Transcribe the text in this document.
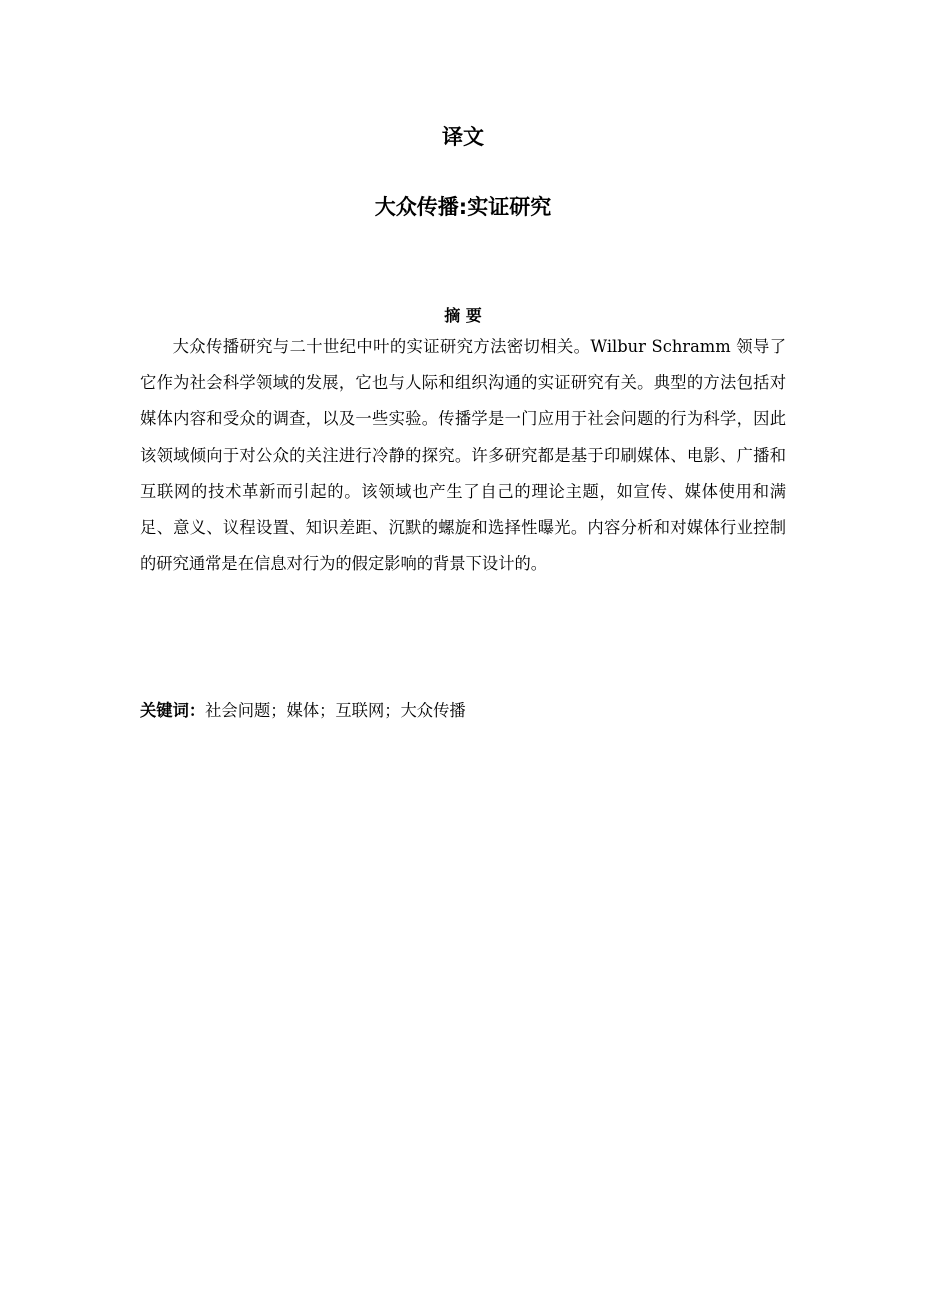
译文
大众传播:实证研究
摘 要

大众传播研究与二十世纪中叶的实证研究方法密切相关。Wilbur Schramm 领导了它作为社会科学领域的发展，它也与人际和组织沟通的实证研究有关。典型的方法包括对媒体内容和受众的调查，以及一些实验。传播学是一门应用于社会问题的行为科学，因此该领域倾向于对公众的关注进行冷静的探究。许多研究都是基于印刷媒体、电影、广播和互联网的技术革新而引起的。该领域也产生了自己的理论主题，如宣传、媒体使用和满足、意义、议程设置、知识差距、沉默的螺旋和选择性曝光。内容分析和对媒体行业控制的研究通常是在信息对行为的假定影响的背景下设计的。

关键词：社会问题；媒体；互联网；大众传播
